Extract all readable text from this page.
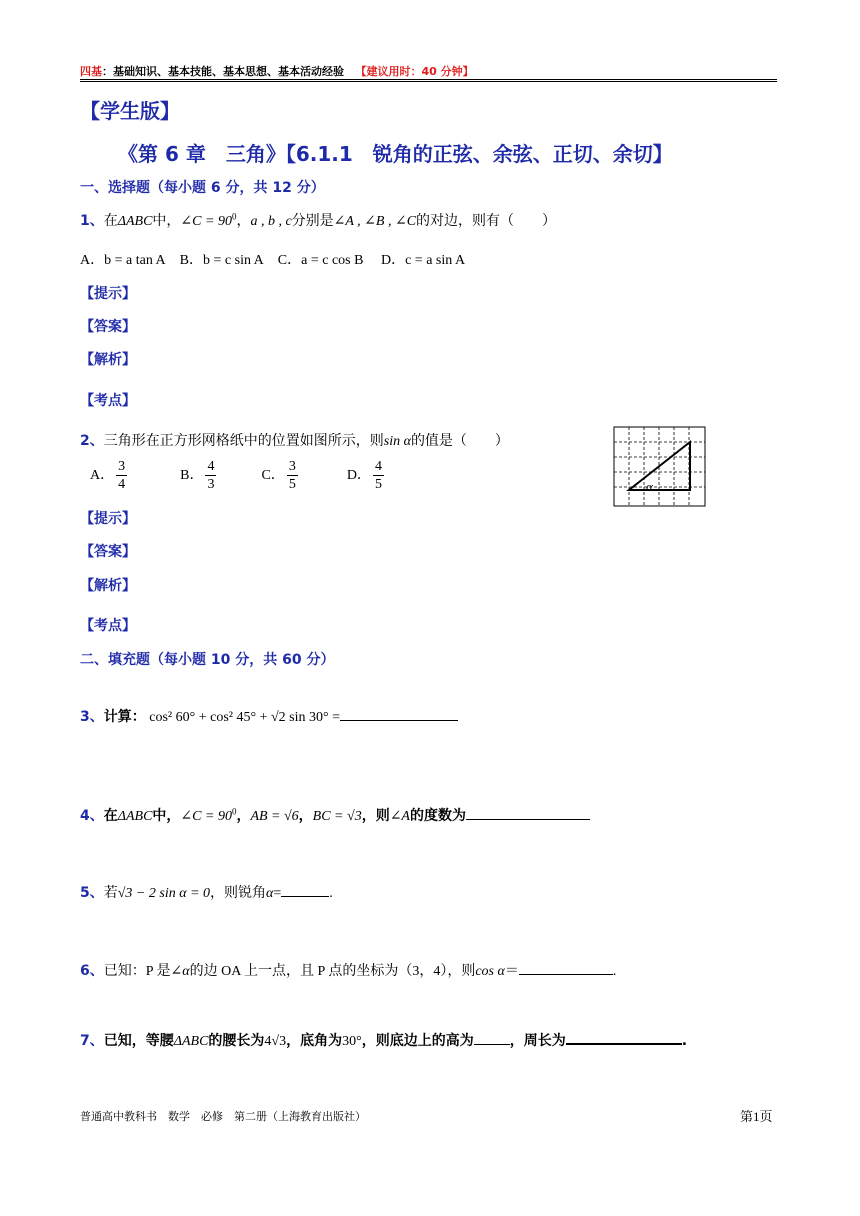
四基：基础知识、基本技能、基本思想、基本活动经验 【建议用时：40 分钟】
【学生版】
《第 6 章　三角》【6.1.1　锐角的正弦、余弦、正切、余切】
一、选择题（每小题 6 分，共 12 分）
1、在ΔABC中，∠C = $90^0$，a , b , c分别是∠A , ∠B , ∠C的对边，则有（　　）
A．b = a tan A B．b = c sin A C．a = c cos B D．c = a sin A
【提示】
【答案】
【解析】
【考点】
2、三角形在正方形网格纸中的位置如图所示，则sin α的值是（　　）
A． $\frac{3}{4}$	B． $\frac{4}{3}$	C． $\frac{3}{5}$	D． $\frac{4}{5}$	α
【提示】
【答案】
【解析】
【考点】
二、填充题（每小题 10 分，共 60 分）
3、计算： cos² 60° + cos² 45° + √2 sin 30° =
4、在ΔABC中，∠C = $90^0$，AB = √6，BC = √3，则∠A的度数为
5、若√3 − 2 sin α = 0，则锐角α=	.
6、已知：P 是∠α的边 OA 上一点，且 P 点的坐标为（3，4），则cos α＝	.
7、已知，等腰ΔABC的腰长为4√3，底角为30°，则底边上的高为	，周长为	.
普通高中教科书　数学　必修　第二册（上海教育出版社）	第1页
